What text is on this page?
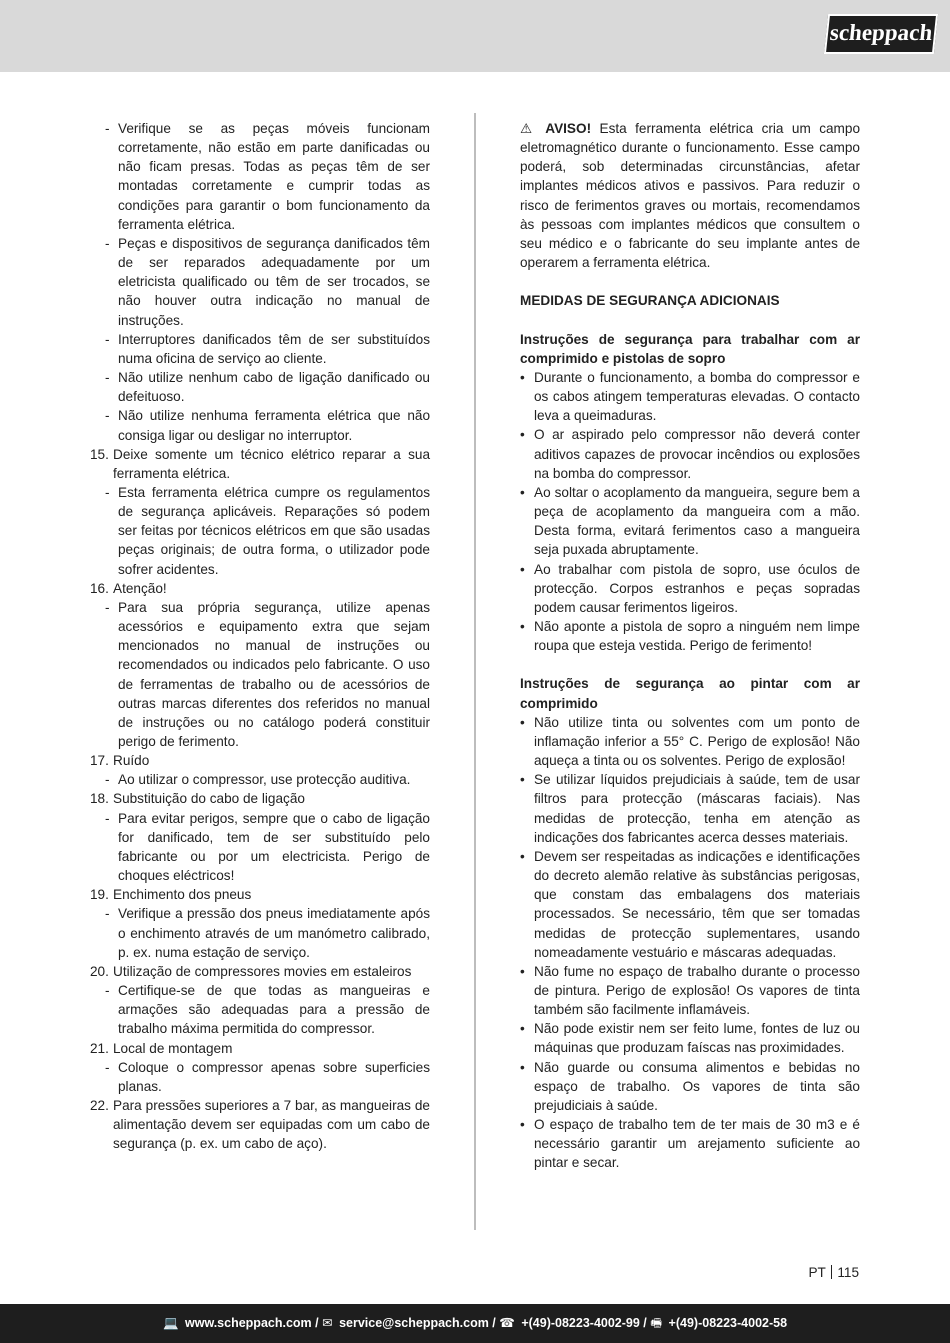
scheppach

- Verifique se as peças móveis funcionam corretamente, não estão em parte danificadas ou não ficam presas. Todas as peças têm de ser montadas corretamente e cumprir todas as condições para garantir o bom funcionamento da ferramenta elétrica.

- Peças e dispositivos de segurança danificados têm de ser reparados adequadamente por um eletricista qualificado ou têm de ser trocados, se não houver outra indicação no manual de instruções.

- Interruptores danificados têm de ser substituídos numa oficina de serviço ao cliente.

- Não utilize nenhum cabo de ligação danificado ou defeituoso.

- Não utilize nenhuma ferramenta elétrica que não consiga ligar ou desligar no interruptor.

15. Deixe somente um técnico elétrico reparar a sua ferramenta elétrica.

- Esta ferramenta elétrica cumpre os regulamentos de segurança aplicáveis. Reparações só podem ser feitas por técnicos elétricos em que são usadas peças originais; de outra forma, o utilizador pode sofrer acidentes.

16. Atenção!

- Para sua própria segurança, utilize apenas acessórios e equipamento extra que sejam mencionados no manual de instruções ou recomendados ou indicados pelo fabricante. O uso de ferramentas de trabalho ou de acessórios de outras marcas diferentes dos referidos no manual de instruções ou no catálogo poderá constituir perigo de ferimento.

17. Ruído

- Ao utilizar o compressor, use protecção auditiva.

18. Substituição do cabo de ligação

- Para evitar perigos, sempre que o cabo de ligação for danificado, tem de ser substituído pelo fabricante ou por um electricista. Perigo de choques eléctricos!

19. Enchimento dos pneus

- Verifique a pressão dos pneus imediatamente após o enchimento através de um manómetro calibrado, p. ex. numa estação de serviço.

20. Utilização de compressores movies em estaleiros

- Certifique-se de que todas as mangueiras e armações são adequadas para a pressão de trabalho máxima permitida do compressor.

21. Local de montagem

- Coloque o compressor apenas sobre superficies planas.

22. Para pressões superiores a 7 bar, as mangueiras de alimentação devem ser equipadas com um cabo de segurança (p. ex. um cabo de aço).

⚠ AVISO! Esta ferramenta elétrica cria um campo eletromagnético durante o funcionamento. Esse campo poderá, sob determinadas circunstâncias, afetar implantes médicos ativos e passivos. Para reduzir o risco de ferimentos graves ou mortais, recomendamos às pessoas com implantes médicos que consultem o seu médico e o fabricante do seu implante antes de operarem a ferramenta elétrica.

MEDIDAS DE SEGURANÇA ADICIONAIS

Instruções de segurança para trabalhar com ar comprimido e pistolas de sopro

• Durante o funcionamento, a bomba do compressor e os cabos atingem temperaturas elevadas. O contacto leva a queimaduras.

• O ar aspirado pelo compressor não deverá conter aditivos capazes de provocar incêndios ou explosões na bomba do compressor.

• Ao soltar o acoplamento da mangueira, segure bem a peça de acoplamento da mangueira com a mão. Desta forma, evitará ferimentos caso a mangueira seja puxada abruptamente.

• Ao trabalhar com pistola de sopro, use óculos de protecção. Corpos estranhos e peças sopradas podem causar ferimentos ligeiros.

• Não aponte a pistola de sopro a ninguém nem limpe roupa que esteja vestida. Perigo de ferimento!

Instruções de segurança ao pintar com ar comprimido

• Não utilize tinta ou solventes com um ponto de inflamação inferior a 55° C. Perigo de explosão! Não aqueça a tinta ou os solventes. Perigo de explosão!

• Se utilizar líquidos prejudiciais à saúde, tem de usar filtros para protecção (máscaras faciais). Nas medidas de protecção, tenha em atenção as indicações dos fabricantes acerca desses materiais.

• Devem ser respeitadas as indicações e identificações do decreto alemão relative às substâncias perigosas, que constam das embalagens dos materiais processados. Se necessário, têm que ser tomadas medidas de protecção suplementares, usando nomeadamente vestuário e máscaras adequadas.

• Não fume no espaço de trabalho durante o processo de pintura. Perigo de explosão! Os vapores de tinta também são facilmente inflamáveis.

• Não pode existir nem ser feito lume, fontes de luz ou máquinas que produzam faíscas nas proximidades.

• Não guarde ou consuma alimentos e bebidas no espaço de trabalho. Os vapores de tinta são prejudiciais à saúde.

• O espaço de trabalho tem de ter mais de 30 m3 e é necessário garantir um arejamento suficiente ao pintar e secar.

PT 115
💻 www.scheppach.com / ✉ service@scheppach.com / ☎ +(49)-08223-4002-99 / 🖷 +(49)-08223-4002-58
